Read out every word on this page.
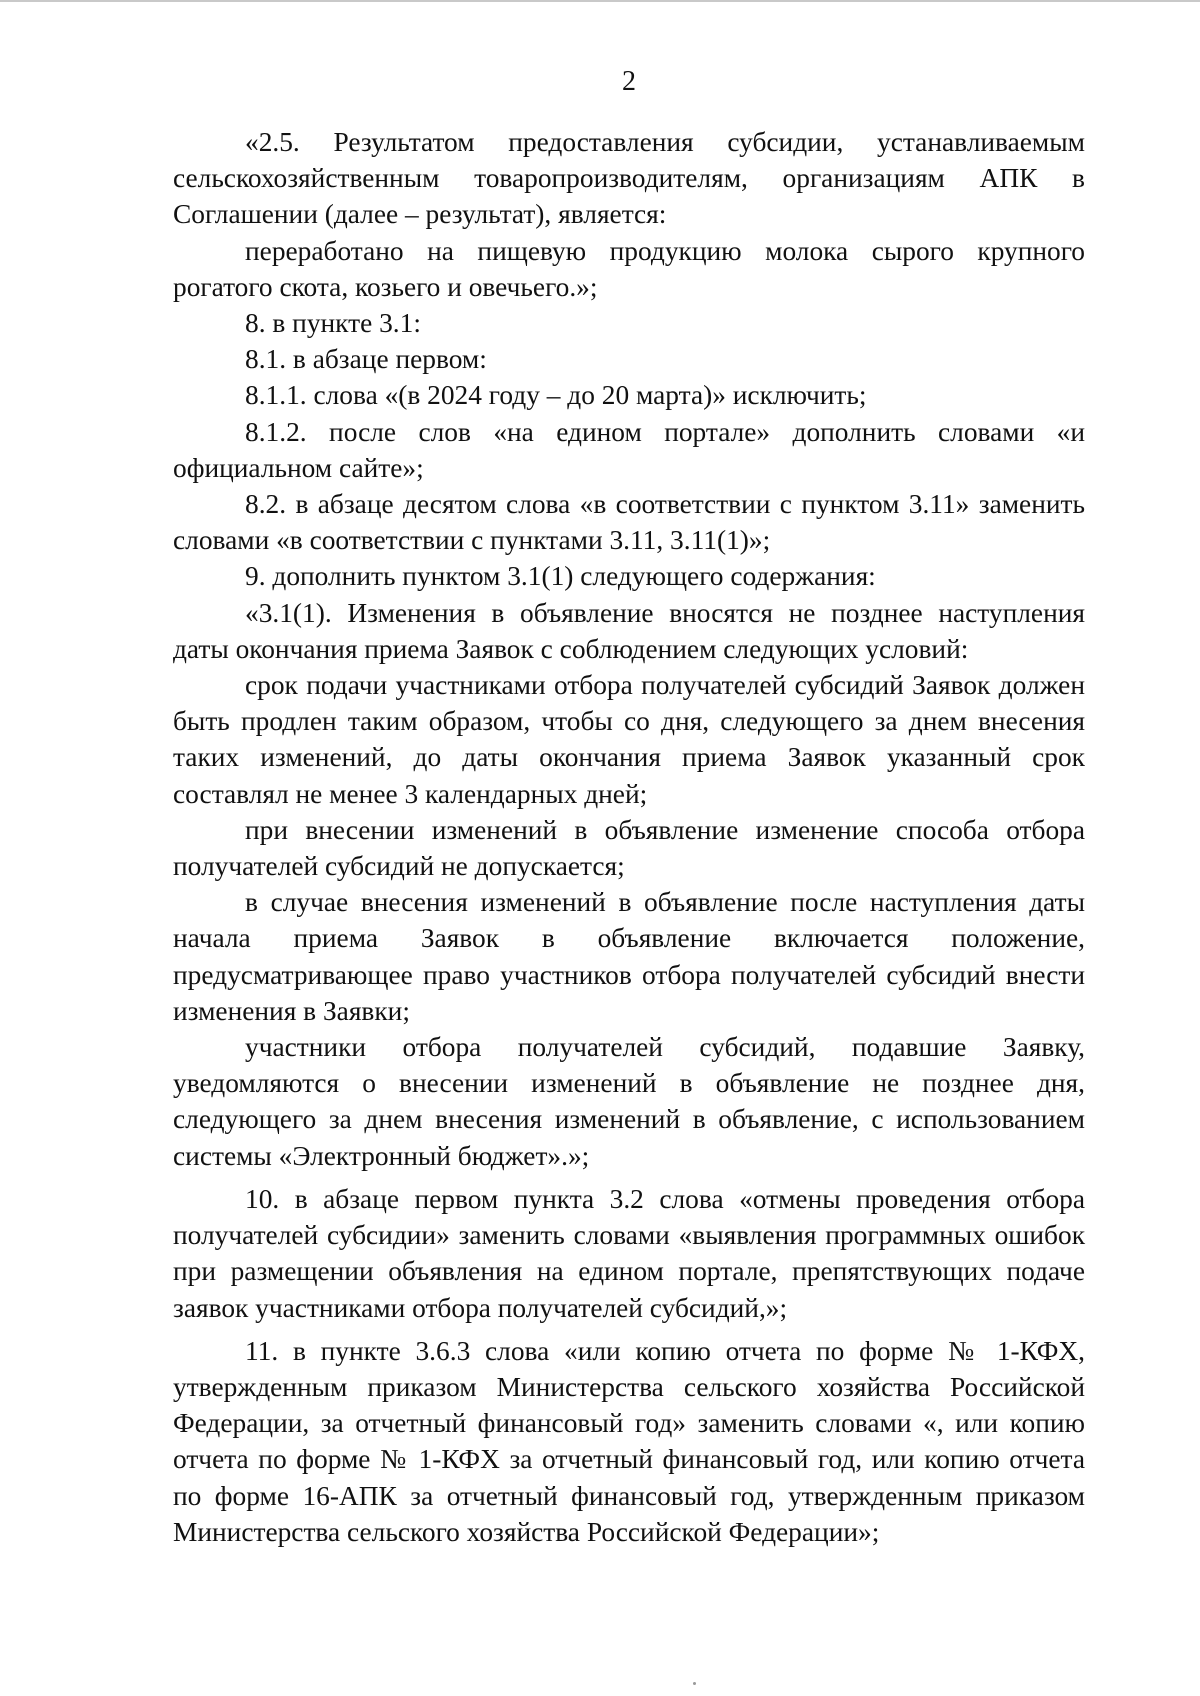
2

«2.5. Результатом предоставления субсидии, устанавливаемым сельскохозяйственным товаропроизводителям, организациям АПК в Соглашении (далее – результат), является:

переработано на пищевую продукцию молока сырого крупного рогатого скота, козьего и овечьего.»;

8. в пункте 3.1:

8.1. в абзаце первом:

8.1.1. слова «(в 2024 году – до 20 марта)» исключить;

8.1.2. после слов «на едином портале» дополнить словами «и официальном сайте»;

8.2. в абзаце десятом слова «в соответствии с пунктом 3.11» заменить словами «в соответствии с пунктами 3.11, 3.11(1)»;

9. дополнить пунктом 3.1(1) следующего содержания:

«3.1(1). Изменения в объявление вносятся не позднее наступления даты окончания приема Заявок с соблюдением следующих условий:

срок подачи участниками отбора получателей субсидий Заявок должен быть продлен таким образом, чтобы со дня, следующего за днем внесения таких изменений, до даты окончания приема Заявок указанный срок составлял не менее 3 календарных дней;

при внесении изменений в объявление изменение способа отбора получателей субсидий не допускается;

в случае внесения изменений в объявление после наступления даты начала приема Заявок в объявление включается положение, предусматривающее право участников отбора получателей субсидий внести изменения в Заявки;

участники отбора получателей субсидий, подавшие Заявку, уведомляются о внесении изменений в объявление не позднее дня, следующего за днем внесения изменений в объявление, с использованием системы «Электронный бюджет».»;

10. в абзаце первом пункта 3.2 слова «отмены проведения отбора получателей субсидии» заменить словами «выявления программных ошибок при размещении объявления на едином портале, препятствующих подаче заявок участниками отбора получателей субсидий,»;

11. в пункте 3.6.3 слова «или копию отчета по форме № 1-КФХ, утвержденным приказом Министерства сельского хозяйства Российской Федерации, за отчетный финансовый год» заменить словами «, или копию отчета по форме № 1-КФХ за отчетный финансовый год, или копию отчета по форме 16-АПК за отчетный финансовый год, утвержденным приказом Министерства сельского хозяйства Российской Федерации»;
